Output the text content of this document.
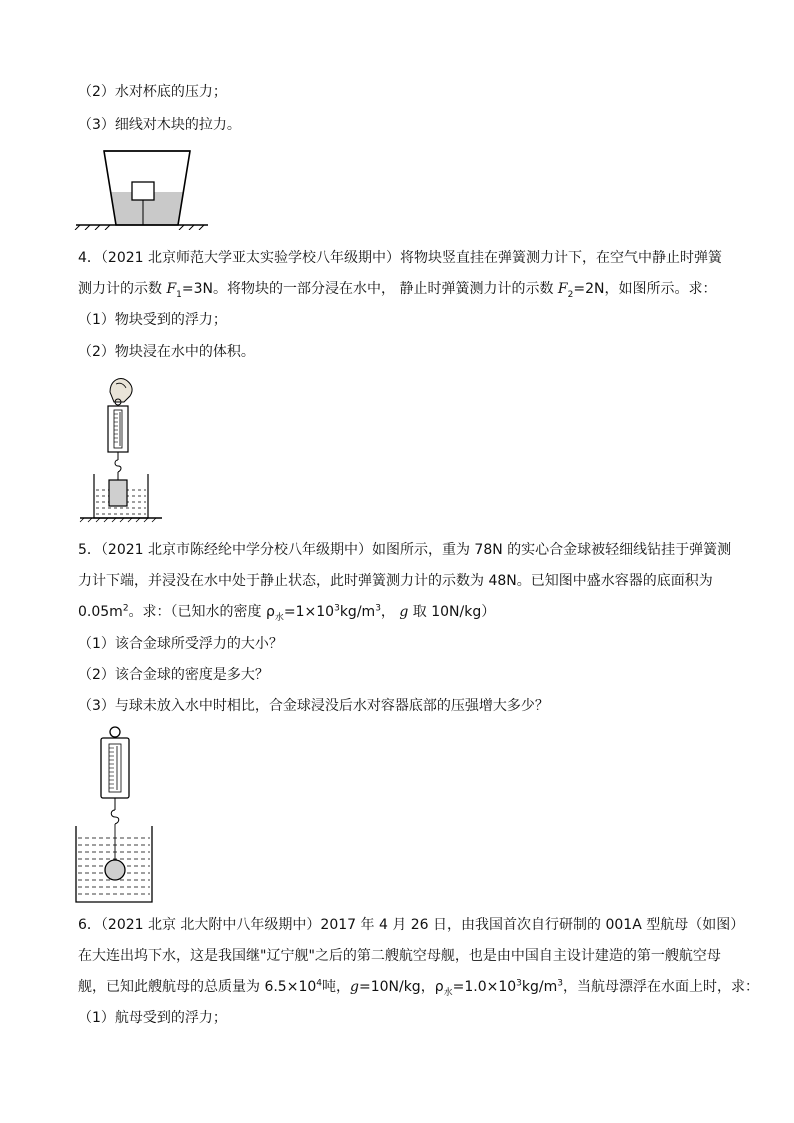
（2）水对杯底的压力；
（3）细线对木块的拉力。
4．（2021 北京师范大学亚太实验学校八年级期中）将物块竖直挂在弹簧测力计下，在空气中静止时弹簧
测力计的示数 $F_1=3N$。将物块的一部分浸在水中， 静止时弹簧测力计的示数 $F_2=2N$，如图所示。求：
（1）物块受到的浮力；
（2）物块浸在水中的体积。
5．（2021 北京市陈经纶中学分校八年级期中）如图所示，重为 78N 的实心合金球被轻细线钻挂于弹簧测
力计下端，并浸没在水中处于静止状态，此时弹簧测力计的示数为 48N。已知图中盛水容器的底面积为
$0.05m^2$。求：（已知水的密度 $\rho_水=1\times 10^3kg/m^3$， g 取 10N/kg）
（1）该合金球所受浮力的大小？
（2）该合金球的密度是多大？
（3）与球未放入水中时相比，合金球浸没后水对容器底部的压强增大多少？
6．（2021 北京 北大附中八年级期中）2017 年 4 月 26 日，由我国首次自行研制的 001A 型航母（如图）
在大连出坞下水，这是我国继"辽宁舰"之后的第二艘航空母舰，也是由中国自主设计建造的第一艘航空母
舰，已知此艘航母的总质量为 $6.5\times 10^4$吨，g=10N/kg，$\rho_水=1.0\times 10^3kg/m^3$，当航母漂浮在水面上时，求：
（1）航母受到的浮力；
